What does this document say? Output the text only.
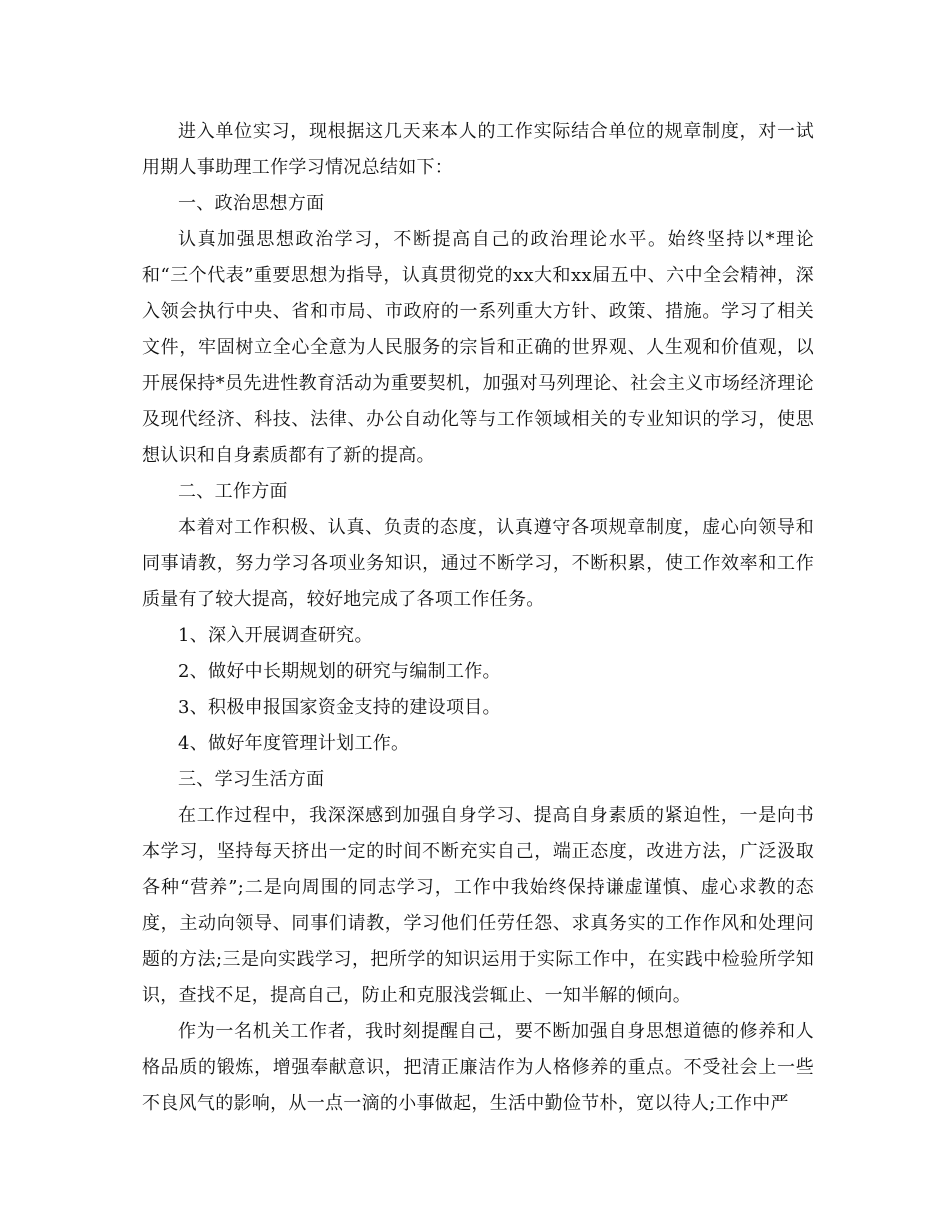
进入单位实习，现根据这几天来本人的工作实际结合单位的规章制度，对一试用期人事助理工作学习情况总结如下：

一、政治思想方面

认真加强思想政治学习，不断提高自己的政治理论水平。始终坚持以*理论和“三个代表”重要思想为指导，认真贯彻党的xx大和xx届五中、六中全会精神，深入领会执行中央、省和市局、市政府的一系列重大方针、政策、措施。学习了相关文件，牢固树立全心全意为人民服务的宗旨和正确的世界观、人生观和价值观，以开展保持*员先进性教育活动为重要契机，加强对马列理论、社会主义市场经济理论及现代经济、科技、法律、办公自动化等与工作领域相关的专业知识的学习，使思想认识和自身素质都有了新的提高。

二、工作方面

本着对工作积极、认真、负责的态度，认真遵守各项规章制度，虚心向领导和同事请教，努力学习各项业务知识，通过不断学习，不断积累，使工作效率和工作质量有了较大提高，较好地完成了各项工作任务。

1、深入开展调查研究。

2、做好中长期规划的研究与编制工作。

3、积极申报国家资金支持的建设项目。

4、做好年度管理计划工作。

三、学习生活方面

在工作过程中，我深深感到加强自身学习、提高自身素质的紧迫性，一是向书本学习，坚持每天挤出一定的时间不断充实自己，端正态度，改进方法，广泛汲取各种“营养”;二是向周围的同志学习，工作中我始终保持谦虚谨慎、虚心求教的态度，主动向领导、同事们请教，学习他们任劳任怨、求真务实的工作作风和处理问题的方法;三是向实践学习，把所学的知识运用于实际工作中，在实践中检验所学知识，查找不足，提高自己，防止和克服浅尝辄止、一知半解的倾向。

作为一名机关工作者，我时刻提醒自己，要不断加强自身思想道德的修养和人格品质的锻炼，增强奉献意识，把清正廉洁作为人格修养的重点。不受社会上一些不良风气的影响，从一点一滴的小事做起，生活中勤俭节朴，宽以待人;工作中严
